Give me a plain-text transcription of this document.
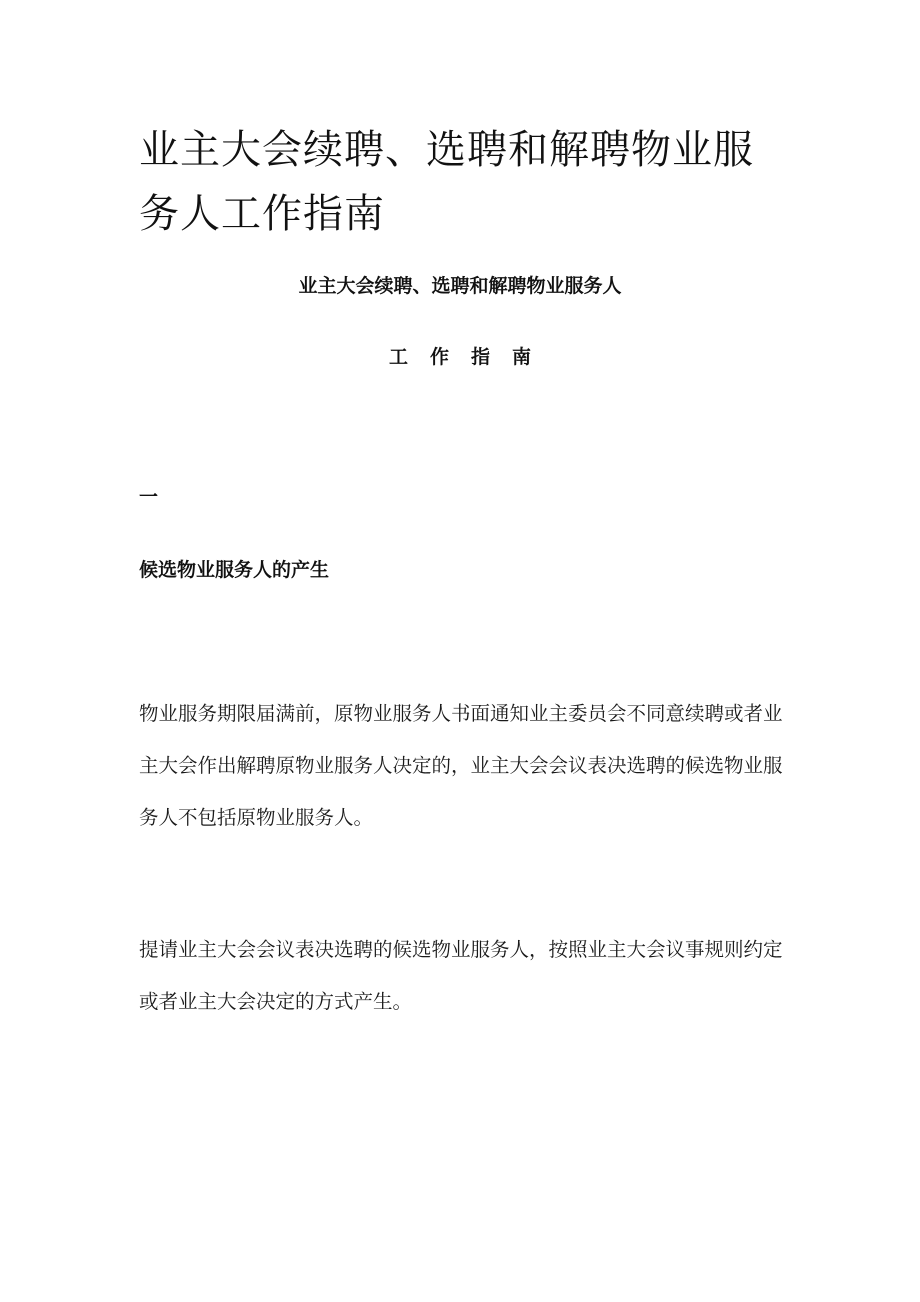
业主大会续聘、选聘和解聘物业服务人工作指南
业主大会续聘、选聘和解聘物业服务人
工作指南
一
候选物业服务人的产生

物业服务期限届满前，原物业服务人书面通知业主委员会不同意续聘或者业主大会作出解聘原物业服务人决定的，业主大会会议表决选聘的候选物业服务人不包括原物业服务人。

提请业主大会会议表决选聘的候选物业服务人，按照业主大会议事规则约定或者业主大会决定的方式产生。
